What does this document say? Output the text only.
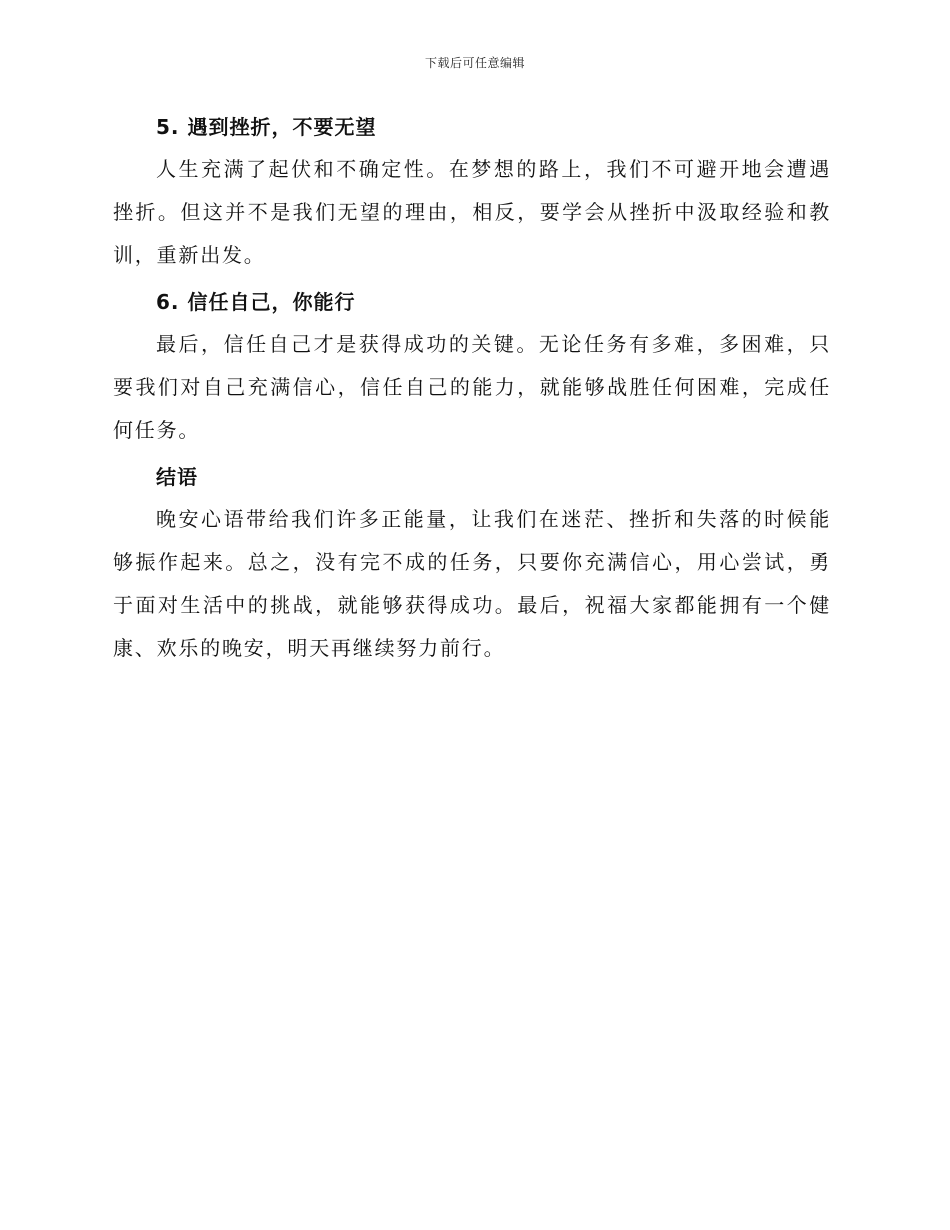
下载后可任意编辑
5. 遇到挫折，不要无望

人生充满了起伏和不确定性。在梦想的路上，我们不可避开地会遭遇挫折。但这并不是我们无望的理由，相反，要学会从挫折中汲取经验和教训，重新出发。

6. 信任自己，你能行

最后，信任自己才是获得成功的关键。无论任务有多难，多困难，只要我们对自己充满信心，信任自己的能力，就能够战胜任何困难，完成任何任务。

结语

晚安心语带给我们许多正能量，让我们在迷茫、挫折和失落的时候能够振作起来。总之，没有完不成的任务，只要你充满信心，用心尝试，勇于面对生活中的挑战，就能够获得成功。最后，祝福大家都能拥有一个健康、欢乐的晚安，明天再继续努力前行。
